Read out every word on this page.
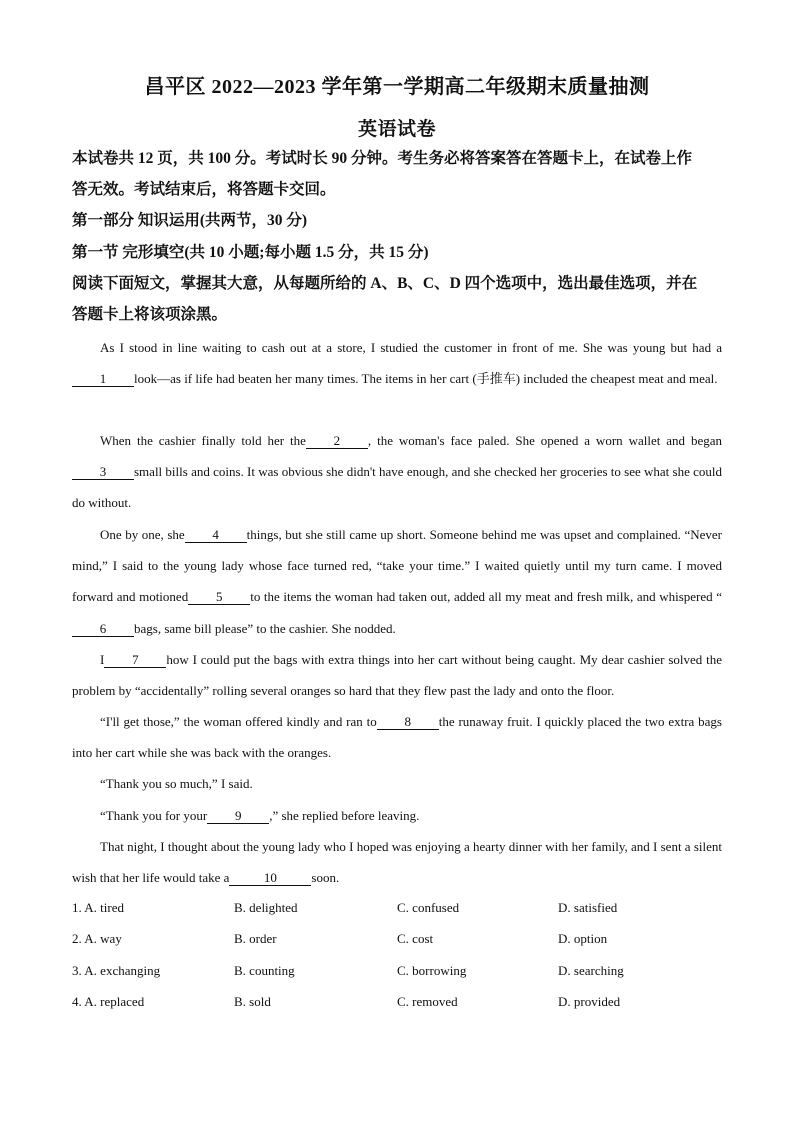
昌平区 2022—2023 学年第一学期高二年级期末质量抽测
英语试卷
本试卷共 12 页，共 100 分。考试时长 90 分钟。考生务必将答案答在答题卡上，在试卷上作
答无效。考试结束后，将答题卡交回。
第一部分 知识运用(共两节，30 分)
第一节 完形填空(共 10 小题;每小题 1.5 分，共 15 分)
阅读下面短文，掌握其大意，从每题所给的 A、B、C、D 四个选项中，选出最佳选项，并在
答题卡上将该项涂黑。
As I stood in line waiting to cash out at a store, I studied the customer in front of me. She was young but had a1 look—as if life had beaten her many times. The items in her cart (手推车) included the cheapest meat and meal.
When the cashier finally told her the 2 , the woman's face paled. She opened a worn wallet and began3 small bills and coins. It was obvious she didn't have enough, and she checked her groceries to see what she could do without.
One by one, she 4 things, but she still came up short. Someone behind me was upset and complained. “Never mind,” I said to the young lady whose face turned red, “take your time.” I waited quietly until my turn came. I moved forward and motioned 5 to the items the woman had taken out, added all my meat and fresh milk, and whispered “6 bags, same bill please” to the cashier. She nodded.
I 7 how I could put the bags with extra things into her cart without being caught. My dear cashier solved the problem by “accidentally” rolling several oranges so hard that they flew past the lady and onto the floor.
“I'll get those,” the woman offered kindly and ran to 8 the runaway fruit. I quickly placed the two extra bags into her cart while she was back with the oranges.
“Thank you so much,” I said.
“Thank you for your 9 ,” she replied before leaving.
That night, I thought about the young lady who I hoped was enjoying a hearty dinner with her family, and I sent a silent wish that her life would take a	10	soon.
1. A. tired	B. delighted	C. confused	D. satisfied
2. A. way	B. order	C. cost	D. option
3. A. exchanging	B. counting	C. borrowing	D. searching
4. A. replaced	B. sold	C. removed	D. provided
